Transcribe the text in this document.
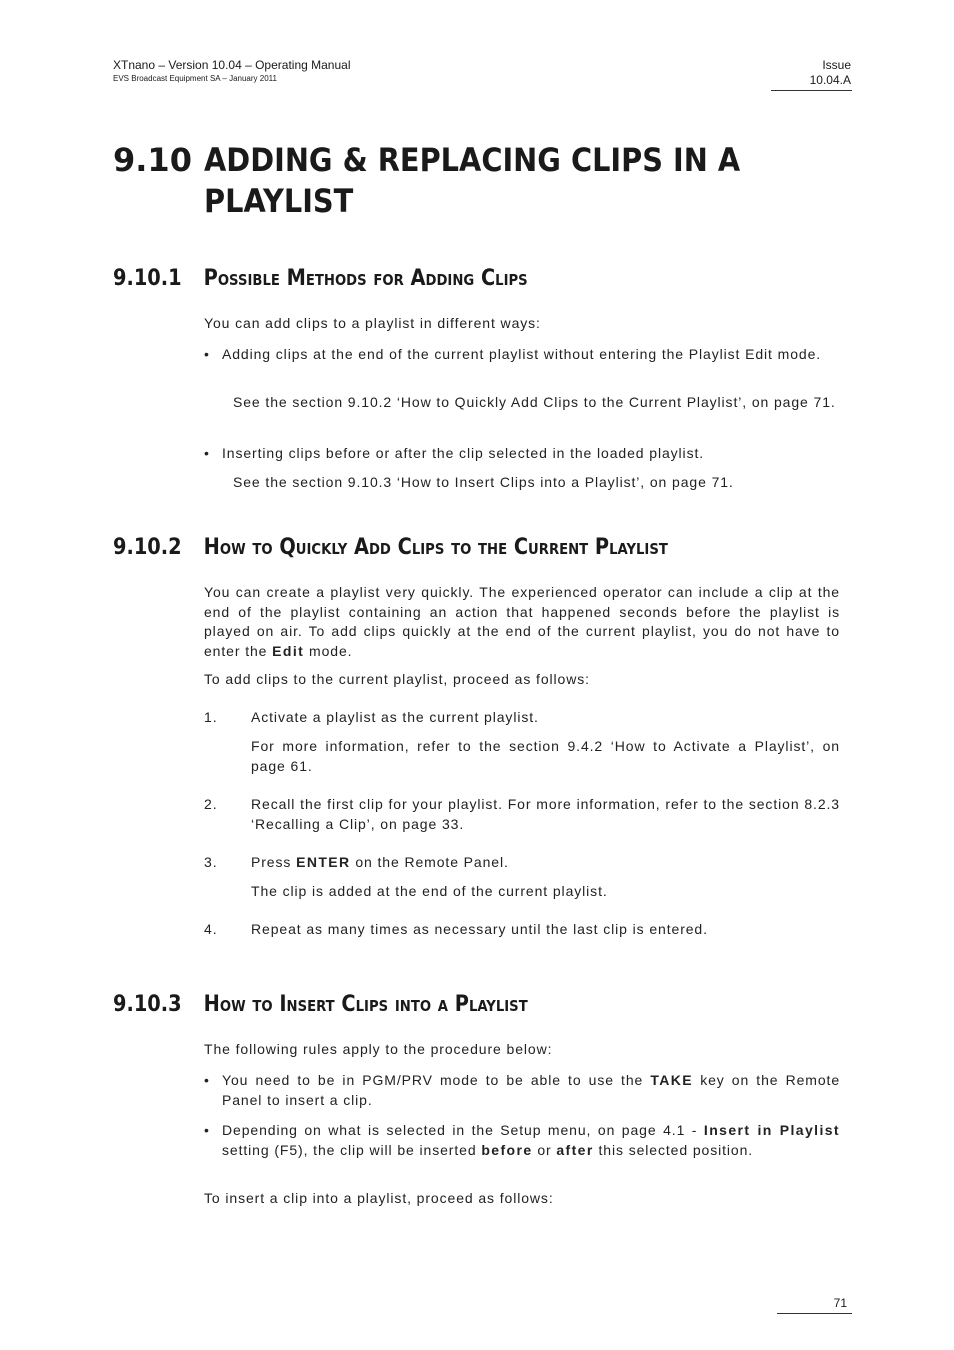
XTnano – Version 10.04 – Operating Manual
EVS Broadcast Equipment SA – January 2011
Issue
10.04.A
9.10 ADDING & REPLACING CLIPS IN A PLAYLIST
9.10.1 Possible Methods for Adding Clips

You can add clips to a playlist in different ways:

• Adding clips at the end of the current playlist without entering the Playlist Edit mode.

See the section 9.10.2 ‘How to Quickly Add Clips to the Current Playlist’, on page 71.

• Inserting clips before or after the clip selected in the loaded playlist.

See the section 9.10.3 ‘How to Insert Clips into a Playlist’, on page 71.

9.10.2 How to Quickly Add Clips to the Current Playlist

You can create a playlist very quickly. The experienced operator can include a clip at the end of the playlist containing an action that happened seconds before the playlist is played on air. To add clips quickly at the end of the current playlist, you do not have to enter the Edit mode.

To add clips to the current playlist, proceed as follows:

1. Activate a playlist as the current playlist.

For more information, refer to the section 9.4.2 ‘How to Activate a Playlist’, on page 61.

2. Recall the first clip for your playlist. For more information, refer to the section 8.2.3 ‘Recalling a Clip’, on page 33.

3. Press ENTER on the Remote Panel.

The clip is added at the end of the current playlist.

4. Repeat as many times as necessary until the last clip is entered.

9.10.3 How to Insert Clips into a Playlist

The following rules apply to the procedure below:

• You need to be in PGM/PRV mode to be able to use the TAKE key on the Remote Panel to insert a clip.

• Depending on what is selected in the Setup menu, on page 4.1 - Insert in Playlist setting (F5), the clip will be inserted before or after this selected position.

To insert a clip into a playlist, proceed as follows:

71
